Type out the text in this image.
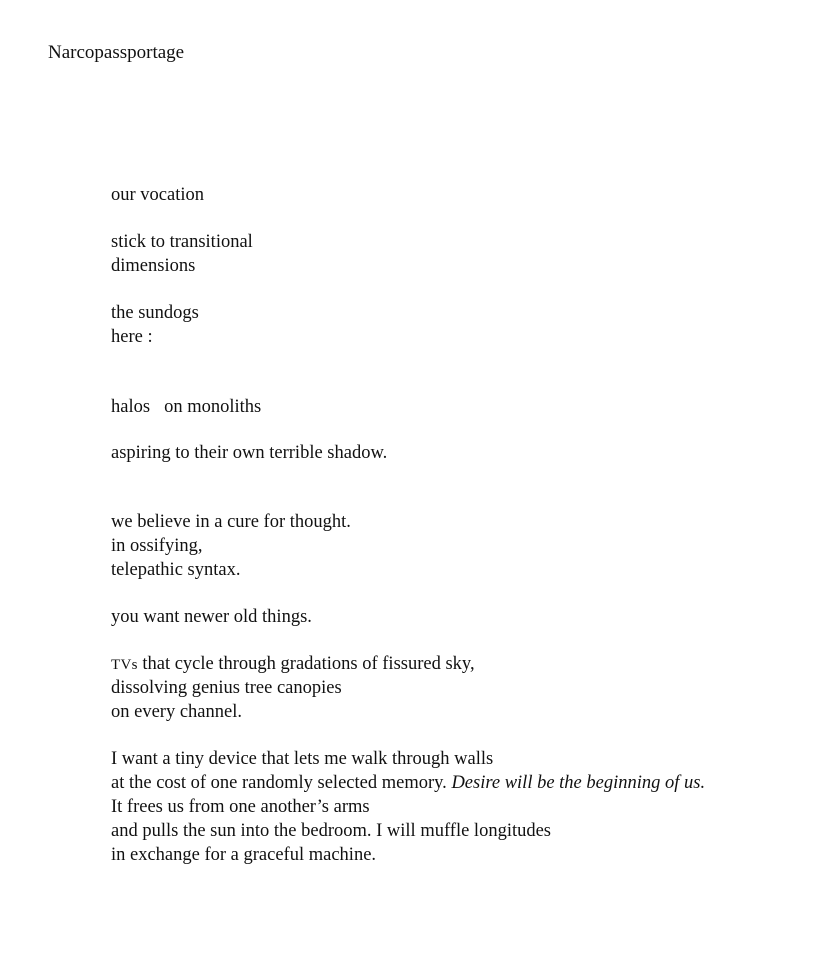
Narcopassportage
our vocation
stick to transitional
dimensions
the sundogs
here :
halos on monoliths
aspiring to their own terrible shadow.
we believe in a cure for thought.
in ossifying,
telepathic syntax.
you want newer old things.
TVs that cycle through gradations of fissured sky,
dissolving genius tree canopies
on every channel.
I want a tiny device that lets me walk through walls
at the cost of one randomly selected memory. Desire will be the beginning of us.
It frees us from one another’s arms
and pulls the sun into the bedroom. I will muffle longitudes
in exchange for a graceful machine.
